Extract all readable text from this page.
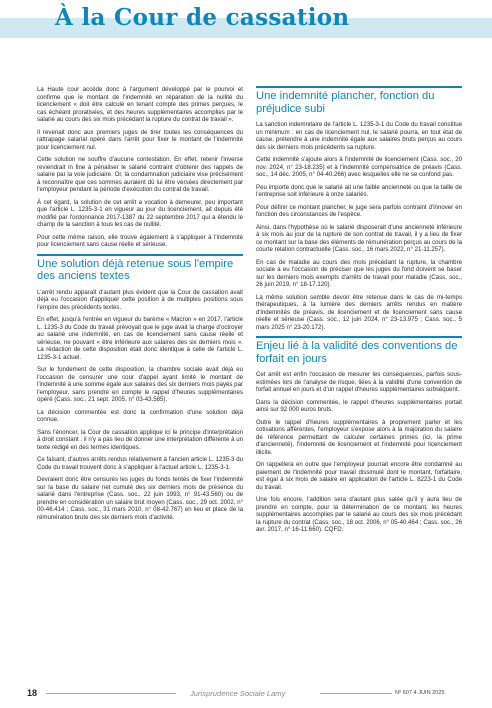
À la Cour de cassation

La Haute cour accède donc à l'argument développé par le pourvoi et confirme que le montant de l'indemnité en réparation de la nullité du licenciement « doit être calculé en tenant compte des primes perçues, le cas échéant proratisées, et des heures supplémentaires accomplies par le salarié au cours des six mois précédant la rupture du contrat de travail ».

Il revenait donc aux premiers juges de tirer toutes les conséquences du rattrapage salarial opéré dans l'arrêt pour fixer le montant de l'indemnité pour licenciement nul.

Cette solution ne souffre d'aucune contestation. En effet, retenir l'inverse reviendrait in fine à pénaliser le salarié contraint d'obtenir des rappels de salaire par la voie judiciaire. Or, la condamnation judiciaire vise précisément à reconnaître que ces sommes auraient dû lui être versées directement par l'employeur pendant la période d'exécution du contrat de travail.

À cet égard, la solution de cet arrêt a vocation à demeurer, peu important que l'article L. 1235-3-1 en vigueur au jour du licenciement, ait depuis été modifié par l'ordonnance 2017-1387 du 22 septembre 2017 qui a étendu le champ de la sanction à tous les cas de nullité.

Pour cette même raison, elle trouve également à s'appliquer à l'indemnité pour licenciement sans cause réelle et sérieuse.

Une solution déjà retenue sous l'empire des anciens textes

L'arrêt rendu apparaît d'autant plus évident que la Cour de cassation avait déjà eu l'occasion d'appliquer cette position à de multiples positions sous l'empire des précédents textes.

En effet, jusqu'à l'entrée en vigueur du barème « Macron » en 2017, l'article L. 1235-3 du Code du travail prévoyait que le juge avait la charge d'octroyer au salarié une indemnité, en cas de licenciement sans cause réelle et sérieuse, ne pouvant « être inférieure aux salaires des six derniers mois ». La rédaction de cette disposition était donc identique à celle de l'article L. 1235-3-1 actuel.

Sur le fondement de cette disposition, la chambre sociale avait déjà eu l'occasion de censurer une cour d'appel ayant limité le montant de l'indemnité à une somme égale aux salaires des six derniers mois payés par l'employeur, sans prendre en compte le rappel d'heures supplémentaires opéré (Cass. soc., 21 sept. 2005, n° 03-43.585).

La décision commentée est donc la confirmation d'une solution déjà connue.

Sans l'énoncer, la Cour de cassation applique ici le principe d'interprétation à droit constant : il n'y a pas lieu de donner une interprétation différente à un texte rédigé en des termes identiques.

Ce faisant, d'autres arrêts rendus relativement à l'ancien article L. 1235-3 du Code du travail trouvent donc à s'appliquer à l'actuel article L. 1235-3-1.

Devraient donc être censurés les juges du fonds tentés de fixer l'indemnité sur la base du salaire net cumulé des six derniers mois de présence du salarié dans l'entreprise (Cass. soc., 22 juin 1993, n° 91-43.560) ou de prendre en considération un salaire brut moyen (Cass. soc., 29 oct. 2002, n° 00-46.414 ; Cass. soc., 31 mars 2010, n° 08-42.767) en lieu et place de la rémunération brute des six derniers mois d'activité.

Une indemnité plancher, fonction du préjudice subi

La sanction indemnitaire de l'article L. 1235-3-1 du Code du travail constitue un minimum : en cas de licenciement nul, le salarié pourra, en tout état de cause, prétendre à une indemnité égale aux salaires bruts perçus au cours des six derniers mois précédents sa rupture.

Cette indemnité s'ajoute alors à l'indemnité de licenciement (Cass. soc., 20 nov. 2024, n° 23-18.235) et à l'indemnité compensatrice de préavis (Cass. soc., 14 déc. 2005, n° 04-40.266) avec lesquelles elle ne se confond pas.

Peu importe donc que le salarié ait une faible ancienneté ou que la taille de l'entreprise soit inférieure à onze salariés.

Pour définir ce montant plancher, le juge sera parfois contraint d'innover en fonction des circonstances de l'espèce.

Ainsi, dans l'hypothèse où le salarié disposerait d'une ancienneté inférieure à six mois au jour de la rupture de son contrat de travail, il y a lieu de fixer ce montant sur la base des éléments de rémunération perçus au cours de la courte relation contractuelle (Cass. soc., 16 mars 2022, n° 21-11.257).

En cas de maladie au cours des mois précédant la rupture, la chambre sociale a eu l'occasion de préciser que les juges du fond doivent se baser sur les derniers mois exempts d'arrêts de travail pour maladie (Cass. soc., 26 juin 2019, n° 18-17.120).

La même solution semble devoir être retenue dans le cas de mi-temps thérapeutiques, à la lumière des derniers arrêts rendus en matière d'indemnités de préavis, de licenciement et de licenciement sans cause réelle et sérieuse (Cass. soc., 12 juin 2024, n° 23-13.975 ; Cass. soc., 5 mars 2025 n° 23-20.172).

Enjeu lié à la validité des conventions de forfait en jours

Cet arrêt est enfin l'occasion de mesurer les conséquences, parfois sous-estimées lors de l'analyse de risque, liées à la validité d'une convention de forfait annuel en jours et d'un rappel d'heures supplémentaires subséquent.

Dans la décision commentée, le rappel d'heures supplémentaires portait ainsi sur 92 000 euros bruts.

Outre le rappel d'heures supplémentaires à proprement parler et les cotisations afférentes, l'employeur s'expose alors à la majoration du salaire de référence permettant de calculer certaines primes (ici, la prime d'ancienneté), l'indemnité de licenciement et l'indemnité pour licenciement illicite.

On rappellera en outre que l'employeur pourrait encore être condamné au paiement de l'indemnité pour travail dissimulé dont le montant, forfaitaire, est égal à six mois de salaire en application de l'article L. 8223-1 du Code du travail.

Une fois encore, l'addition sera d'autant plus salée qu'il y aura lieu de prendre en compte, pour la détermination de ce montant, les heures supplémentaires accomplies par le salarié au cours des six mois précédant la rupture du contrat (Cass. soc., 18 oct. 2006, n° 05-40.464 ; Cass. soc., 26 avr. 2017, n° 16-11.660). CQFD.

18	Jurisprudence Sociale Lamy	Nº 607 4 JUIN 2025
